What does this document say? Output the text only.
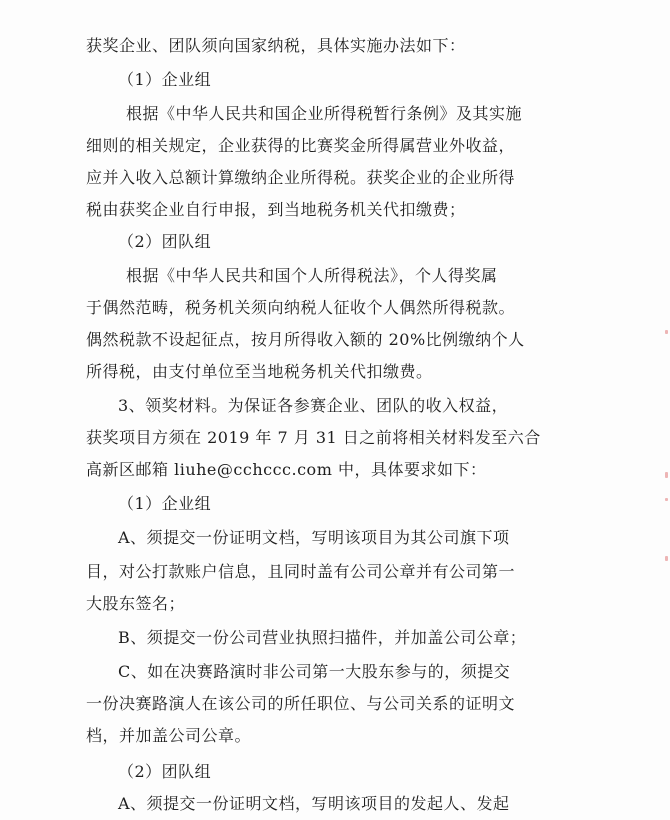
获奖企业、团队须向国家纳税，具体实施办法如下：
（1）企业组
根据《中华人民共和国企业所得税暂行条例》及其实施
细则的相关规定，企业获得的比赛奖金所得属营业外收益，
应并入收入总额计算缴纳企业所得税。获奖企业的企业所得
税由获奖企业自行申报，到当地税务机关代扣缴费；
（2）团队组
根据《中华人民共和国个人所得税法》，个人得奖属
于偶然范畴，税务机关须向纳税人征收个人偶然所得税款。
偶然税款不设起征点，按月所得收入额的 20%比例缴纳个人
所得税，由支付单位至当地税务机关代扣缴费。
3、领奖材料。为保证各参赛企业、团队的收入权益，
获奖项目方须在 2019 年 7 月 31 日之前将相关材料发至六合
高新区邮箱 liuhe@cchccc.com 中，具体要求如下：
（1）企业组
A、须提交一份证明文档，写明该项目为其公司旗下项
目，对公打款账户信息，且同时盖有公司公章并有公司第一
大股东签名；
B、须提交一份公司营业执照扫描件，并加盖公司公章；
C、如在决赛路演时非公司第一大股东参与的，须提交
一份决赛路演人在该公司的所任职位、与公司关系的证明文
档，并加盖公司公章。
（2）团队组
A、须提交一份证明文档，写明该项目的发起人、发起
